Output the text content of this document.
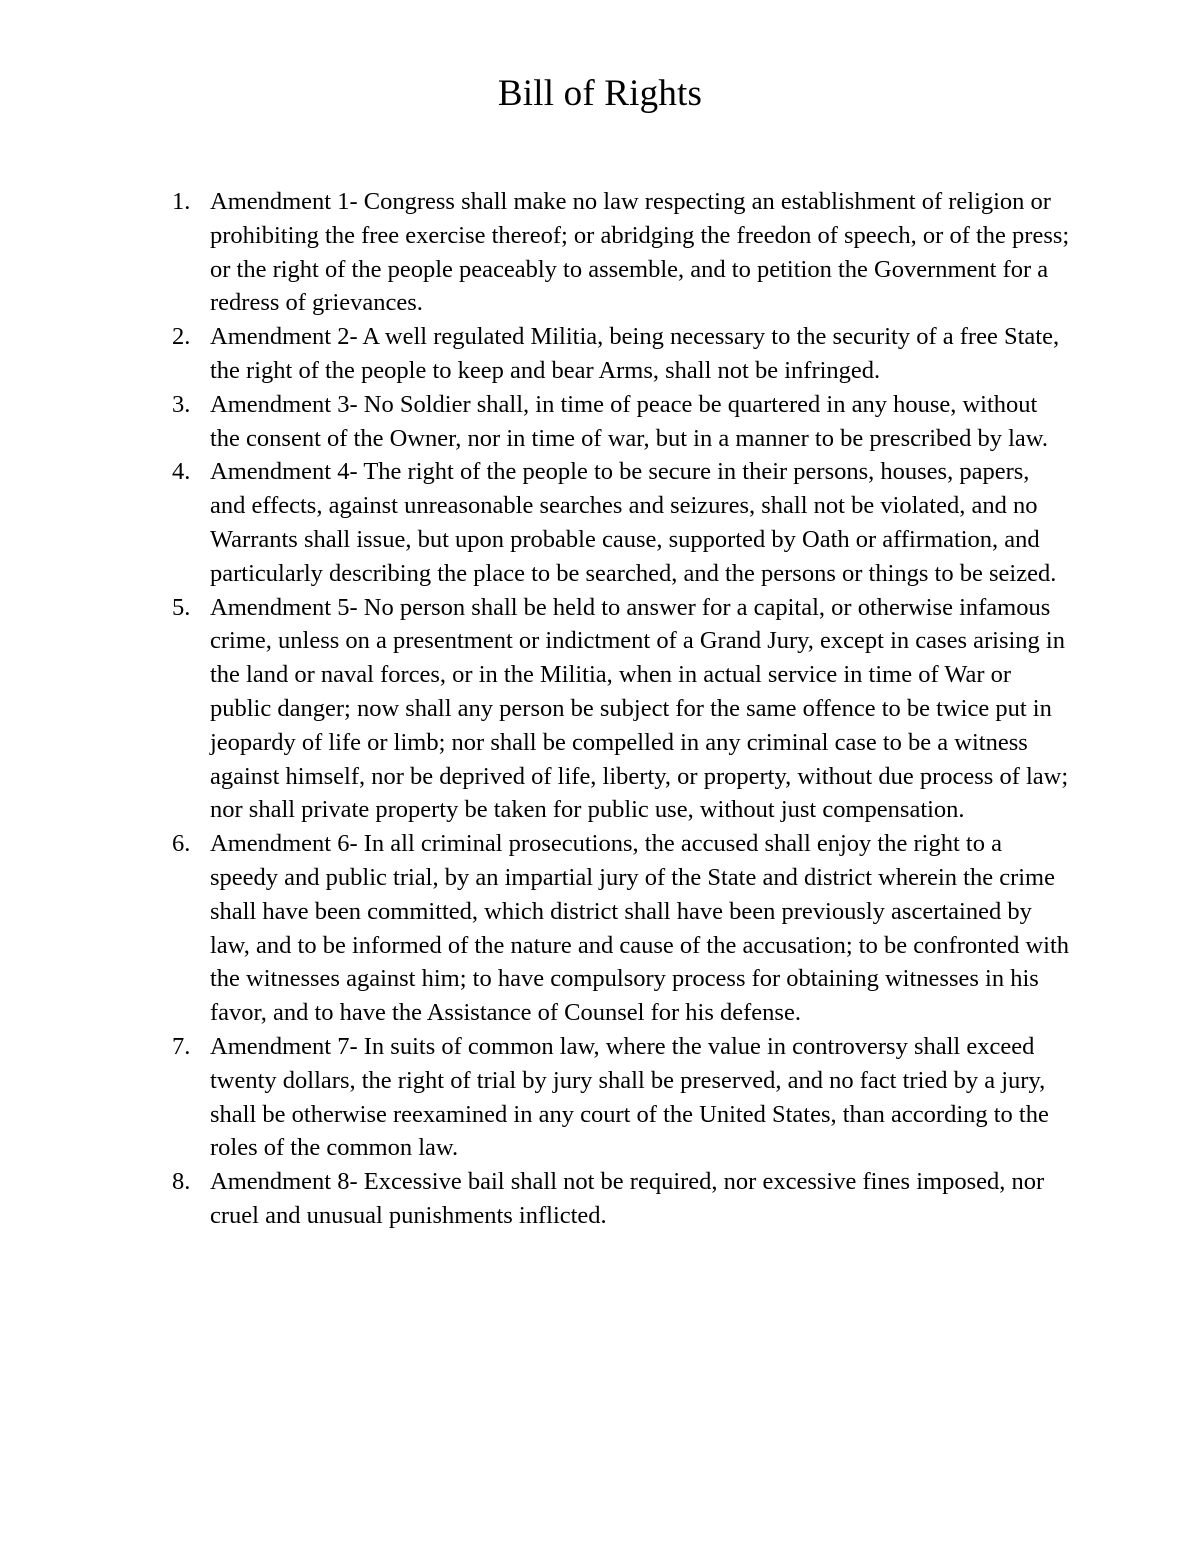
Bill of Rights
1. Amendment 1- Congress shall make no law respecting an establishment of religion or prohibiting the free exercise thereof; or abridging the freedon of speech, or of the press; or the right of the people peaceably to assemble, and to petition the Government for a redress of grievances.
2. Amendment 2- A well regulated Militia, being necessary to the security of a free State, the right of the people to keep and bear Arms, shall not be infringed.
3. Amendment 3- No Soldier shall, in time of peace be quartered in any house, without the consent of the Owner, nor in time of war, but in a manner to be prescribed by law.
4. Amendment 4- The right of the people to be secure in their persons, houses, papers, and effects, against unreasonable searches and seizures, shall not be violated, and no Warrants shall issue, but upon probable cause, supported by Oath or affirmation, and particularly describing the place to be searched, and the persons or things to be seized.
5. Amendment 5- No person shall be held to answer for a capital, or otherwise infamous crime, unless on a presentment or indictment of a Grand Jury, except in cases arising in the land or naval forces, or in the Militia, when in actual service in time of War or public danger; now shall any person be subject for the same offence to be twice put in jeopardy of life or limb; nor shall be compelled in any criminal case to be a witness against himself, nor be deprived of life, liberty, or property, without due process of law; nor shall private property be taken for public use, without just compensation.
6. Amendment 6- In all criminal prosecutions, the accused shall enjoy the right to a speedy and public trial, by an impartial jury of the State and district wherein the crime shall have been committed, which district shall have been previously ascertained by law, and to be informed of the nature and cause of the accusation; to be confronted with the witnesses against him; to have compulsory process for obtaining witnesses in his favor, and to have the Assistance of Counsel for his defense.
7. Amendment 7- In suits of common law, where the value in controversy shall exceed twenty dollars, the right of trial by jury shall be preserved, and no fact tried by a jury, shall be otherwise reexamined in any court of the United States, than according to the roles of the common law.
8. Amendment 8- Excessive bail shall not be required, nor excessive fines imposed, nor cruel and unusual punishments inflicted.
